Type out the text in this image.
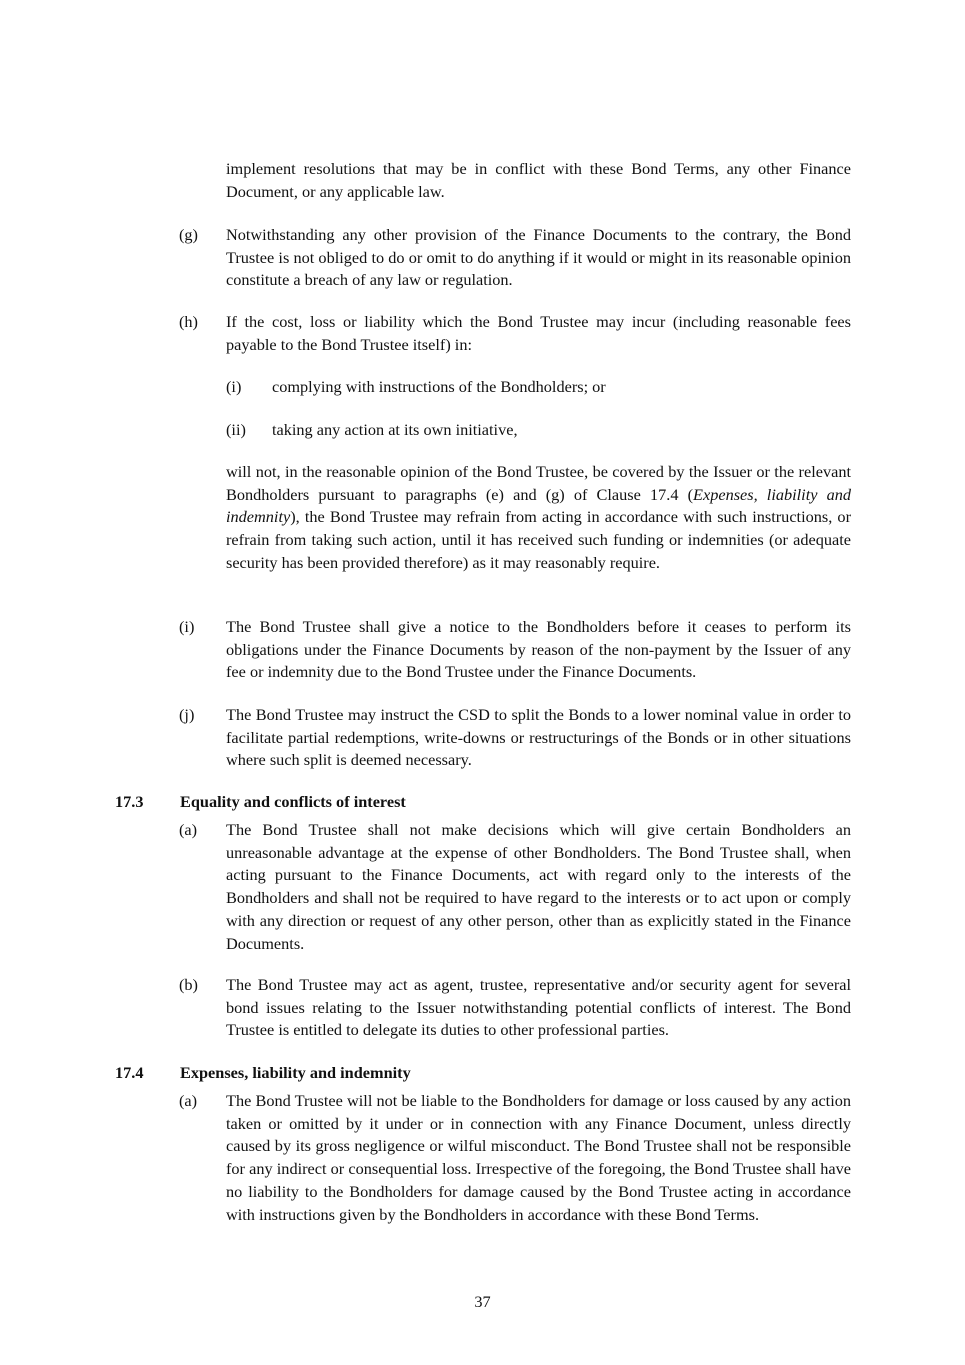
implement resolutions that may be in conflict with these Bond Terms, any other Finance Document, or any applicable law.

(g) Notwithstanding any other provision of the Finance Documents to the contrary, the Bond Trustee is not obliged to do or omit to do anything if it would or might in its reasonable opinion constitute a breach of any law or regulation.

(h) If the cost, loss or liability which the Bond Trustee may incur (including reasonable fees payable to the Bond Trustee itself) in:

(i) complying with instructions of the Bondholders; or

(ii) taking any action at its own initiative,

will not, in the reasonable opinion of the Bond Trustee, be covered by the Issuer or the relevant Bondholders pursuant to paragraphs (e) and (g) of Clause 17.4 (Expenses, liability and indemnity), the Bond Trustee may refrain from acting in accordance with such instructions, or refrain from taking such action, until it has received such funding or indemnities (or adequate security has been provided therefore) as it may reasonably require.

(i) The Bond Trustee shall give a notice to the Bondholders before it ceases to perform its obligations under the Finance Documents by reason of the non-payment by the Issuer of any fee or indemnity due to the Bond Trustee under the Finance Documents.

(j) The Bond Trustee may instruct the CSD to split the Bonds to a lower nominal value in order to facilitate partial redemptions, write-downs or restructurings of the Bonds or in other situations where such split is deemed necessary.

17.3 Equality and conflicts of interest

(a) The Bond Trustee shall not make decisions which will give certain Bondholders an unreasonable advantage at the expense of other Bondholders. The Bond Trustee shall, when acting pursuant to the Finance Documents, act with regard only to the interests of the Bondholders and shall not be required to have regard to the interests or to act upon or comply with any direction or request of any other person, other than as explicitly stated in the Finance Documents.

(b) The Bond Trustee may act as agent, trustee, representative and/or security agent for several bond issues relating to the Issuer notwithstanding potential conflicts of interest. The Bond Trustee is entitled to delegate its duties to other professional parties.

17.4 Expenses, liability and indemnity

(a) The Bond Trustee will not be liable to the Bondholders for damage or loss caused by any action taken or omitted by it under or in connection with any Finance Document, unless directly caused by its gross negligence or wilful misconduct. The Bond Trustee shall not be responsible for any indirect or consequential loss. Irrespective of the foregoing, the Bond Trustee shall have no liability to the Bondholders for damage caused by the Bond Trustee acting in accordance with instructions given by the Bondholders in accordance with these Bond Terms.

37
